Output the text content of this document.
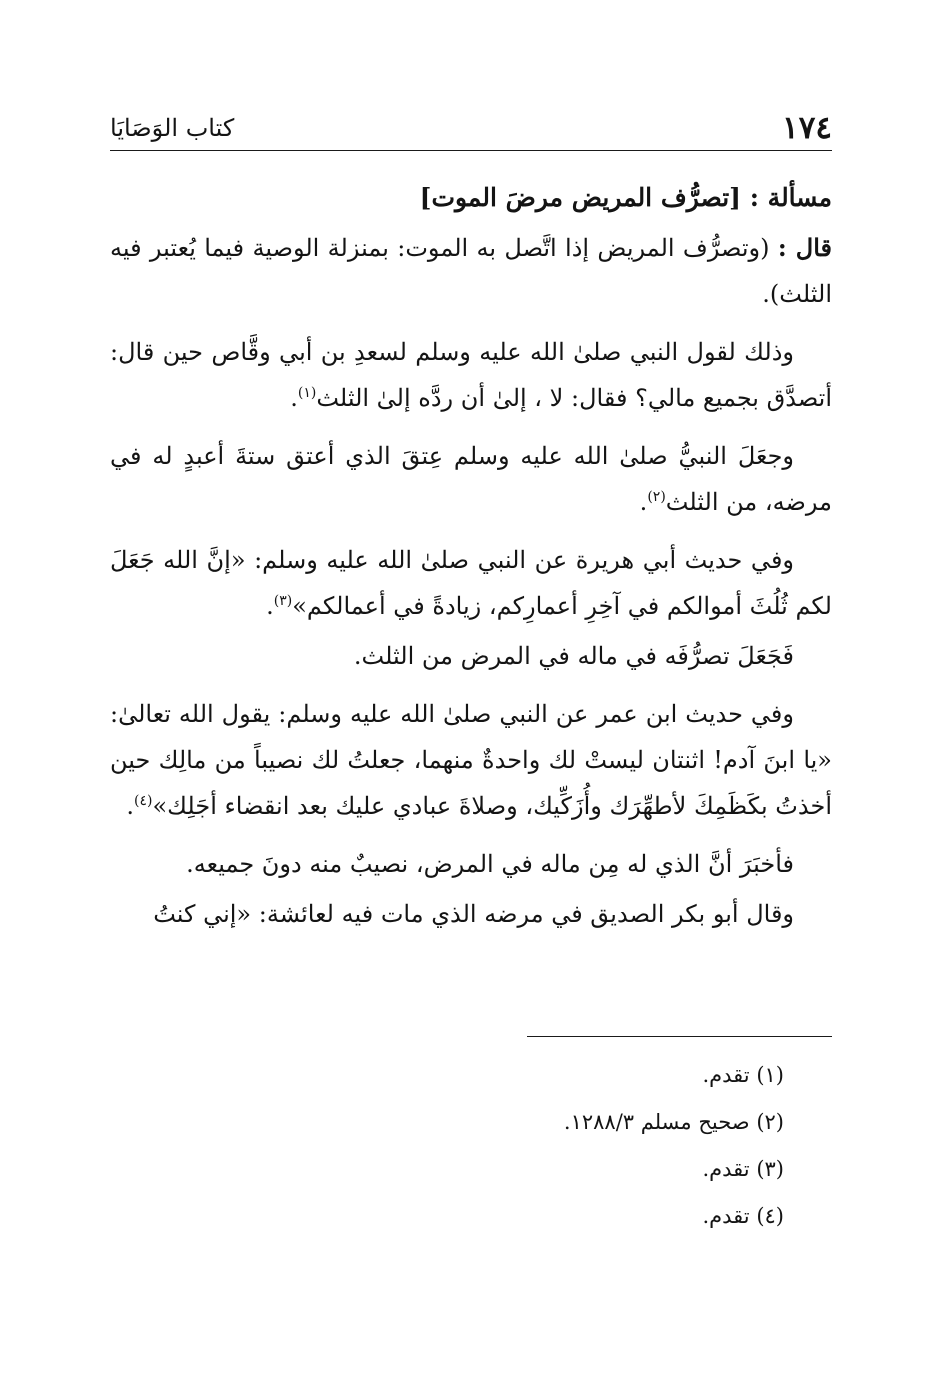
١٧٤
كتاب الوَصَايَا
مسألة : [تصرُّف المريض مرضَ الموت]

قال : (وتصرُّف المريض إذا اتَّصل به الموت: بمنزلة الوصية فيما يُعتبر فيه الثلث).

وذلك لقول النبي صلىٰ الله عليه وسلم لسعدِ بن أبي وقَّاص حين قال: أتصدَّق بجميع مالي؟ فقال: لا ، إلىٰ أن ردَّه إلىٰ الثلث$^{(١)}$.

وجعَلَ النبيُّ صلىٰ الله عليه وسلم عِتقَ الذي أعتق ستةَ أعبدٍ له في مرضه، من الثلث$^{(٢)}$.

وفي حديث أبي هريرة عن النبي صلىٰ الله عليه وسلم: «إنَّ الله جَعَلَ لكم ثُلُثَ أموالكم في آخِرِ أعمارِكم، زيادةً في أعمالكم»$^{(٣)}$.

فَجَعَلَ تصرُّفَه في ماله في المرض من الثلث.

وفي حديث ابن عمر عن النبي صلىٰ الله عليه وسلم: يقول الله تعالىٰ: «يا ابنَ آدم! اثنتان ليستْ لك واحدةٌ منهما، جعلتُ لك نصيباً من مالِك حين أخذتُ بكَظَمِكَ لأطهِّرَك وأُزَكِّيك، وصلاةَ عبادي عليك بعد انقضاء أجَلِك»$^{(٤)}$.

فأخبَرَ أنَّ الذي له مِن ماله في المرض، نصيبٌ منه دونَ جميعه.

وقال أبو بكر الصديق في مرضه الذي مات فيه لعائشة: «إني كنتُ

(١) تقدم.
(٢) صحيح مسلم ١٢٨٨/٣.
(٣) تقدم.
(٤) تقدم.
